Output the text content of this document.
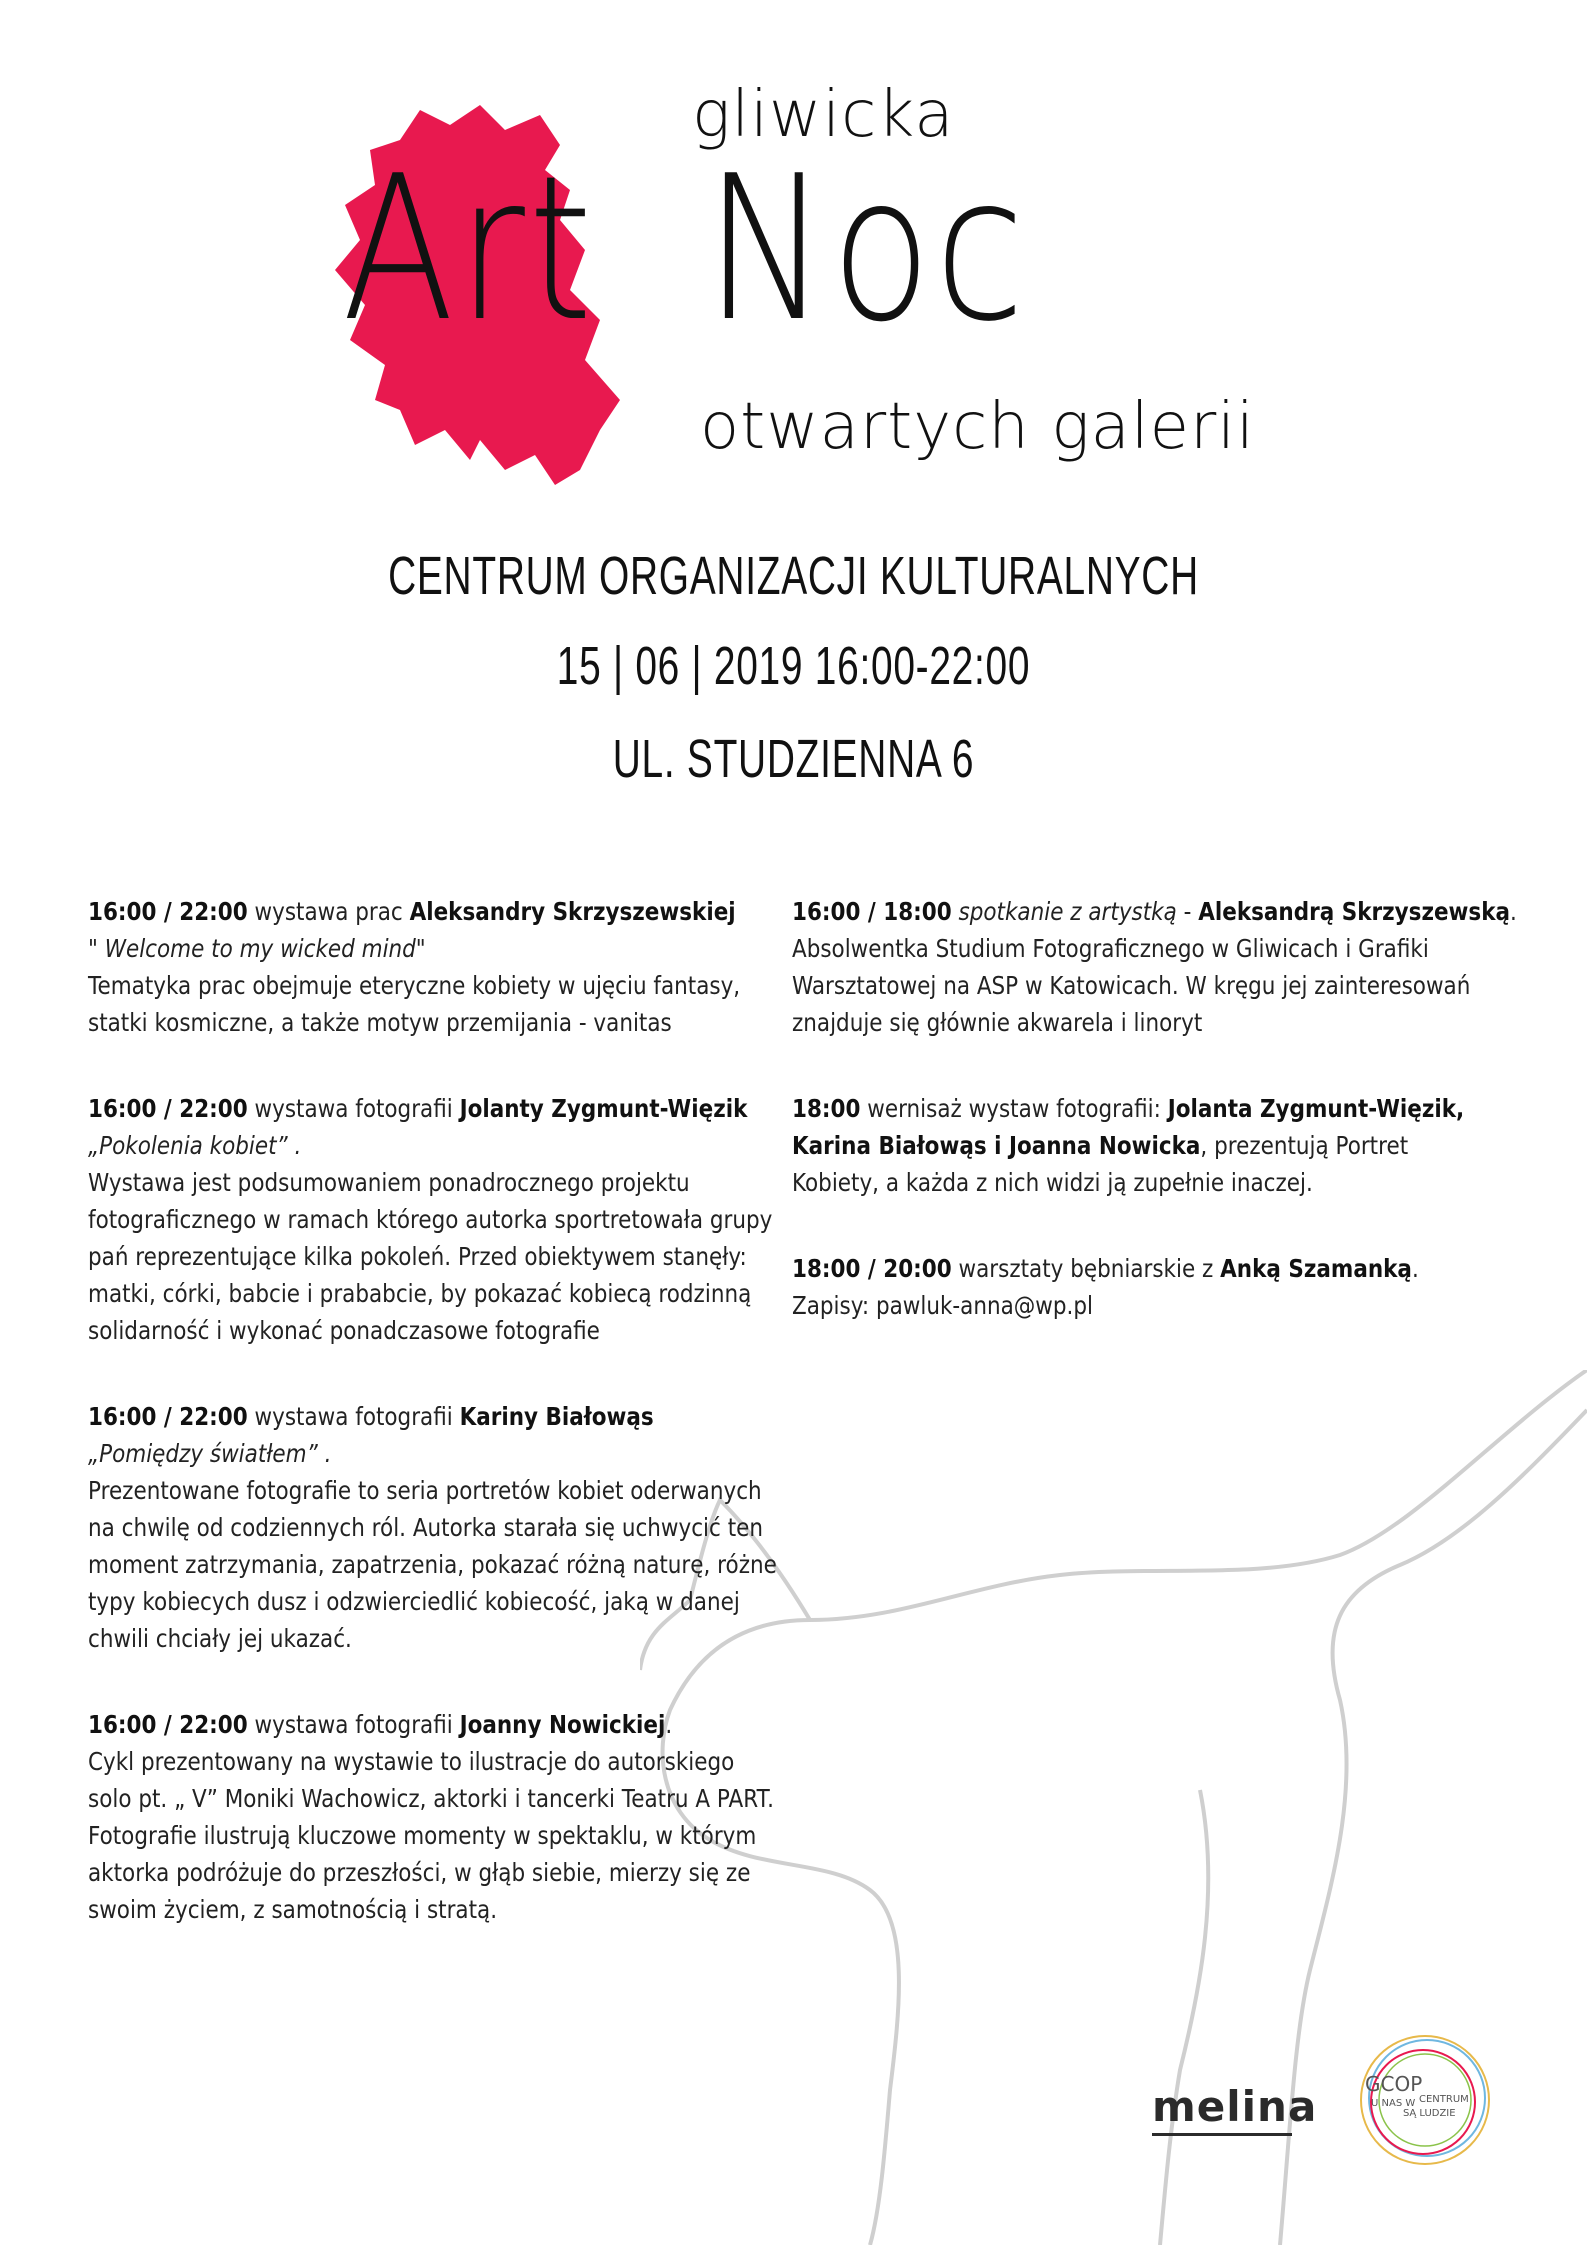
gliwicka
Art Noc
otwartych galerii
CENTRUM ORGANIZACJI KULTURALNYCH
15 | 06 | 2019 16:00-22:00
UL. STUDZIENNA 6
16:00 / 22:00 wystawa prac Aleksandry Skrzyszewskiej
" Welcome to my wicked mind"
Tematyka prac obejmuje eteryczne kobiety w ujęciu fantasy,
statki kosmiczne, a także motyw przemijania - vanitas
16:00 / 22:00 wystawa fotografii Jolanty Zygmunt-Więzik
„Pokolenia kobiet” .
Wystawa jest podsumowaniem ponadrocznego projektu
fotograficznego w ramach którego autorka sportretowała grupy
pań reprezentujące kilka pokoleń. Przed obiektywem stanęły:
matki, córki, babcie i prababcie, by pokazać kobiecą rodzinną
solidarność i wykonać ponadczasowe fotografie
16:00 / 22:00 wystawa fotografii Kariny Białowąs
„Pomiędzy światłem” .
Prezentowane fotografie to seria portretów kobiet oderwanych
na chwilę od codziennych ról. Autorka starała się uchwycić ten
moment zatrzymania, zapatrzenia, pokazać różną naturę, różne
typy kobiecych dusz i odzwierciedlić kobiecość, jaką w danej
chwili chciały jej ukazać.
16:00 / 22:00 wystawa fotografii Joanny Nowickiej.
Cykl prezentowany na wystawie to ilustracje do autorskiego
solo pt. „ V” Moniki Wachowicz, aktorki i tancerki Teatru A PART.
Fotografie ilustrują kluczowe momenty w spektaklu, w którym
aktorka podróżuje do przeszłości, w głąb siebie, mierzy się ze
swoim życiem, z samotnością i stratą.
16:00 / 18:00 spotkanie z artystką - Aleksandrą Skrzyszewską.
Absolwentka Studium Fotograficznego w Gliwicach i Grafiki
Warsztatowej na ASP w Katowicach. W kręgu jej zainteresowań
znajduje się głównie akwarela i linoryt
18:00 wernisaż wystaw fotografii: Jolanta Zygmunt-Więzik,
Karina Białowąs i Joanna Nowicka, prezentują Portret
Kobiety, a każda z nich widzi ją zupełnie inaczej.
18:00 / 20:00 warsztaty bębniarskie z Anką Szamanką.
Zapisy: pawluk-anna@wp.pl
melina GCOP
U NAS W CENTRUM
SĄ LUDZIE
